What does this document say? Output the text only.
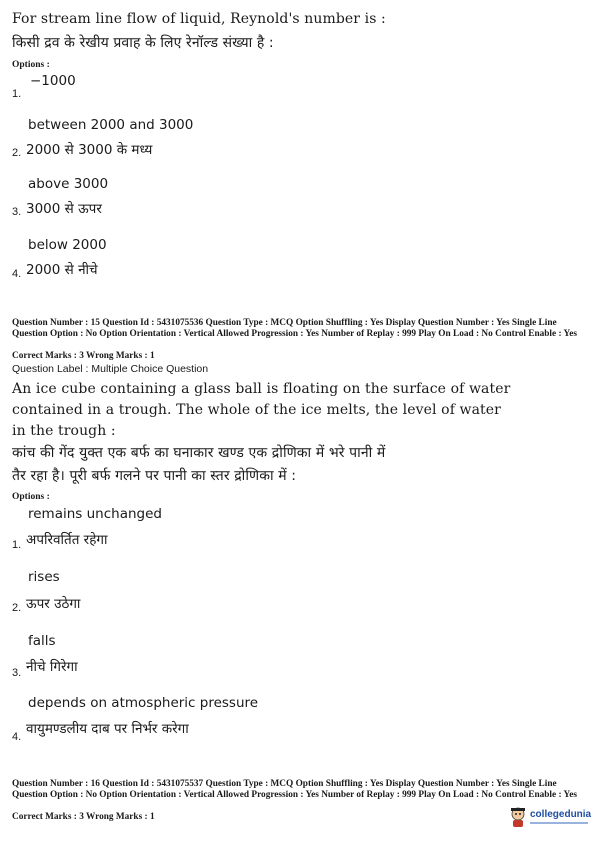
For stream line flow of liquid, Reynold's number is :
किसी द्रव के रेखीय प्रवाह के लिए रेनॉल्ड संख्या है :
Options :
−1000
1.
between 2000 and 3000
2. 2000 से 3000 के मध्य
above 3000
3. 3000 से ऊपर
below 2000
4. 2000 से नीचे
Question Number : 15 Question Id : 5431075536 Question Type : MCQ Option Shuffling : Yes Display Question Number : Yes Single Line Question Option : No Option Orientation : Vertical Allowed Progression : Yes Number of Replay : 999 Play On Load : No Control Enable : Yes
Correct Marks : 3 Wrong Marks : 1
Question Label : Multiple Choice Question
An ice cube containing a glass ball is floating on the surface of water
contained in a trough. The whole of the ice melts, the level of water
in the trough :
कांच की गेंद युक्त एक बर्फ का घनाकार खण्ड एक द्रोणिका में भरे पानी में
तैर रहा है। पूरी बर्फ गलने पर पानी का स्तर द्रोणिका में :
Options :
remains unchanged
1. अपरिवर्तित रहेगा
rises
2. ऊपर उठेगा
falls
3. नीचे गिरेगा
depends on atmospheric pressure
4. वायुमण्डलीय दाब पर निर्भर करेगा
Question Number : 16 Question Id : 5431075537 Question Type : MCQ Option Shuffling : Yes Display Question Number : Yes Single Line Question Option : No Option Orientation : Vertical Allowed Progression : Yes Number of Replay : 999 Play On Load : No Control Enable : Yes
Correct Marks : 3 Wrong Marks : 1	collegedunia
